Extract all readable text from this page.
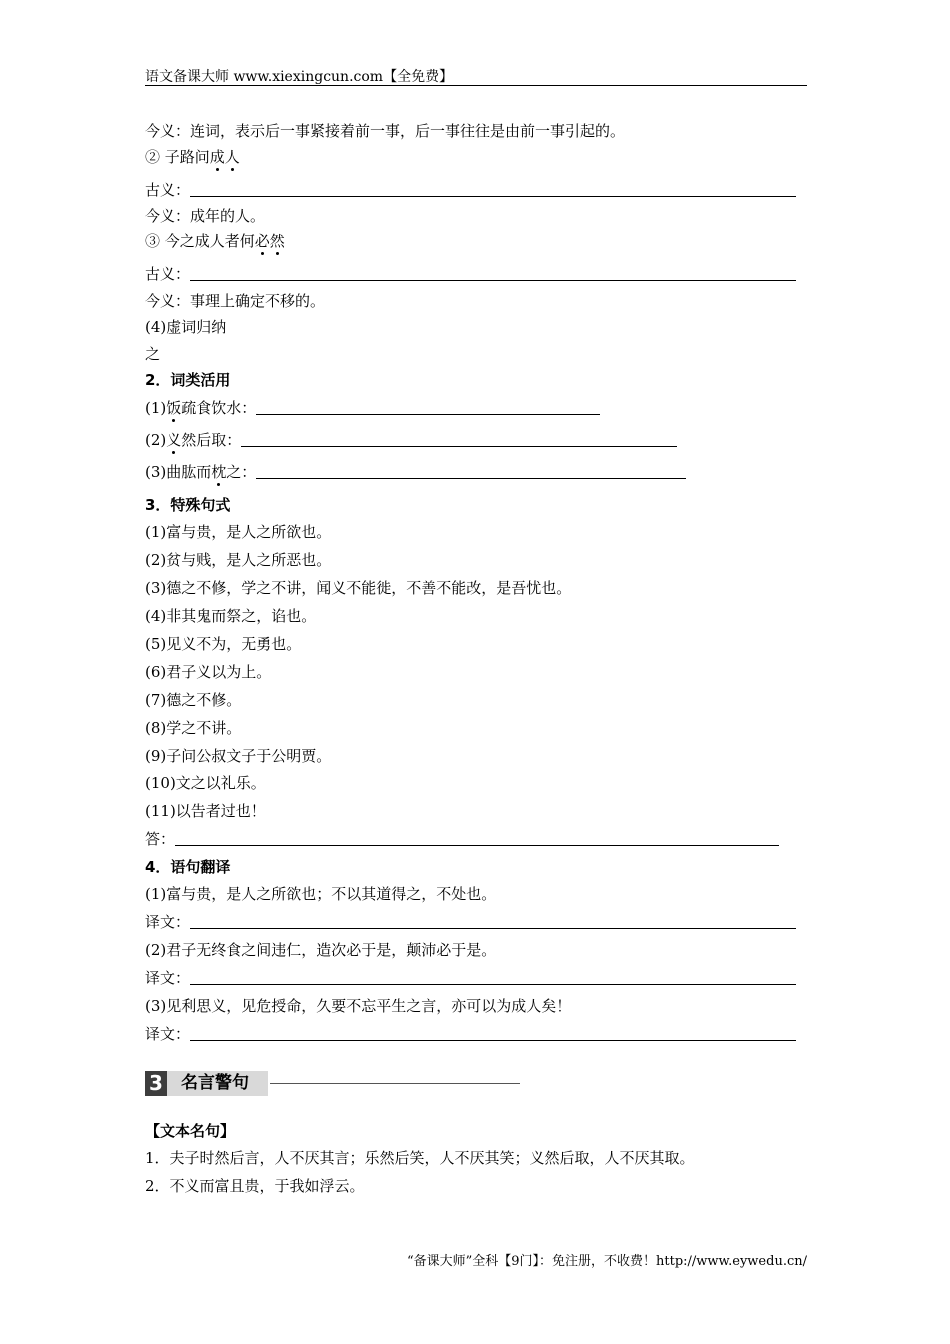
语文备课大师 www.xiexingcun.com【全免费】
今义：连词，表示后一事紧接着前一事，后一事往往是由前一事引起的。
② 子路问成人
古义：
今义：成年的人。
③ 今之成人者何必然
古义：
今义：事理上确定不移的。
(4)虚词归纳
之
2．词类活用
(1)饭疏食饮水：
(2)义然后取：
(3)曲肱而枕之：
3．特殊句式
(1)富与贵，是人之所欲也。
(2)贫与贱，是人之所恶也。
(3)德之不修，学之不讲，闻义不能徙，不善不能改，是吾忧也。
(4)非其鬼而祭之，谄也。
(5)见义不为，无勇也。
(6)君子义以为上。
(7)德之不修。
(8)学之不讲。
(9)子问公叔文子于公明贾。
(10)文之以礼乐。
(11)以告者过也！
答：
4．语句翻译
(1)富与贵，是人之所欲也；不以其道得之，不处也。
译文：
(2)君子无终食之间违仁，造次必于是，颠沛必于是。
译文：
(3)见利思义，见危授命，久要不忘平生之言，亦可以为成人矣！
译文：
3 名言警句
【文本名句】
1．夫子时然后言，人不厌其言；乐然后笑，人不厌其笑；义然后取，人不厌其取。
2．不义而富且贵，于我如浮云。
“备课大师”全科【9门】：免注册，不收费！http://www.eywedu.cn/
